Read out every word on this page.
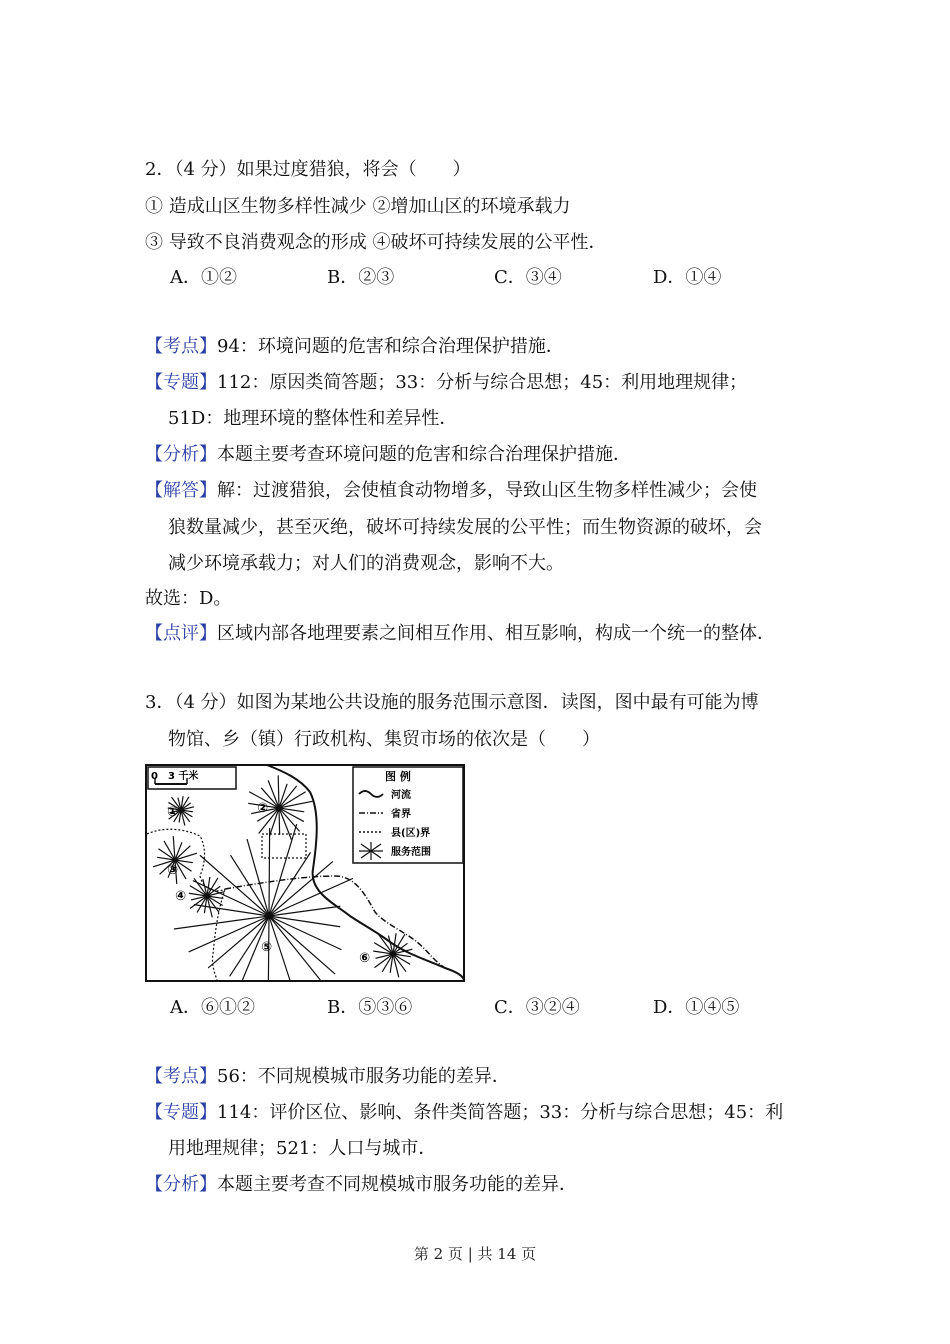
2．（4 分）如果过度猎狼，将会（　　）
① 造成山区生物多样性减少 ②增加山区的环境承载力
③ 导致不良消费观念的形成 ④破坏可持续发展的公平性．
A．①②	B．②③	C．③④	D．①④
【考点】94：环境问题的危害和综合治理保护措施．
【专题】112：原因类简答题；33：分析与综合思想；45：利用地理规律；
51D：地理环境的整体性和差异性．
【分析】本题主要考查环境问题的危害和综合治理保护措施．
【解答】解：过渡猎狼，会使植食动物增多，导致山区生物多样性减少；会使
狼数量减少，甚至灭绝，破坏可持续发展的公平性；而生物资源的破坏，会
减少环境承载力；对人们的消费观念，影响不大。
故选：D。
【点评】区域内部各地理要素之间相互作用、相互影响，构成一个统一的整体．
3．（4 分）如图为某地公共设施的服务范围示意图．读图，图中最有可能为博
物馆、乡（镇）行政机构、集贸市场的依次是（　　）
0　3 千米	图 例
河流
省界
县(区)界
服务范围
①	②
③
④
⑤
⑥
A．⑥①②	B．⑤③⑥	C．③②④	D．①④⑤
【考点】56：不同规模城市服务功能的差异．
【专题】114：评价区位、影响、条件类简答题；33：分析与综合思想；45：利
用地理规律；521：人口与城市．
【分析】本题主要考查不同规模城市服务功能的差异．
第 2 页 | 共 14 页
